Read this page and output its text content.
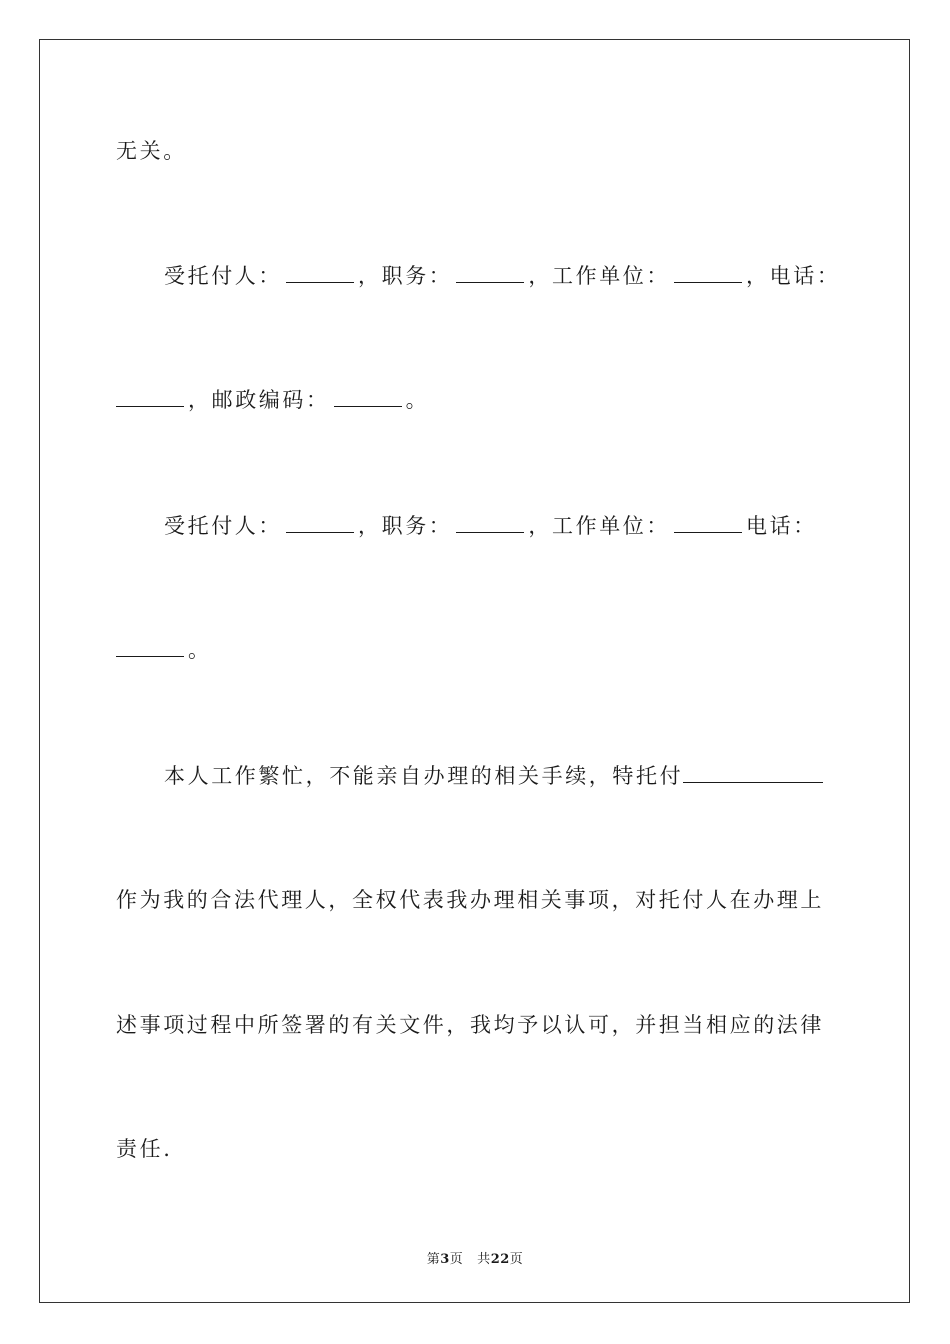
无关。
受托付人：	，职务：	，工作单位：	，电话：
，邮政编码：	。
受托付人：	，职务：	，工作单位：	电话：
。
本人工作繁忙，不能亲自办理的相关手续，特托付
作为我的合法代理人，全权代表我办理相关事项，对托付人在办理上
述事项过程中所签署的有关文件，我均予以认可，并担当相应的法律
责任.
第3页 共22页
